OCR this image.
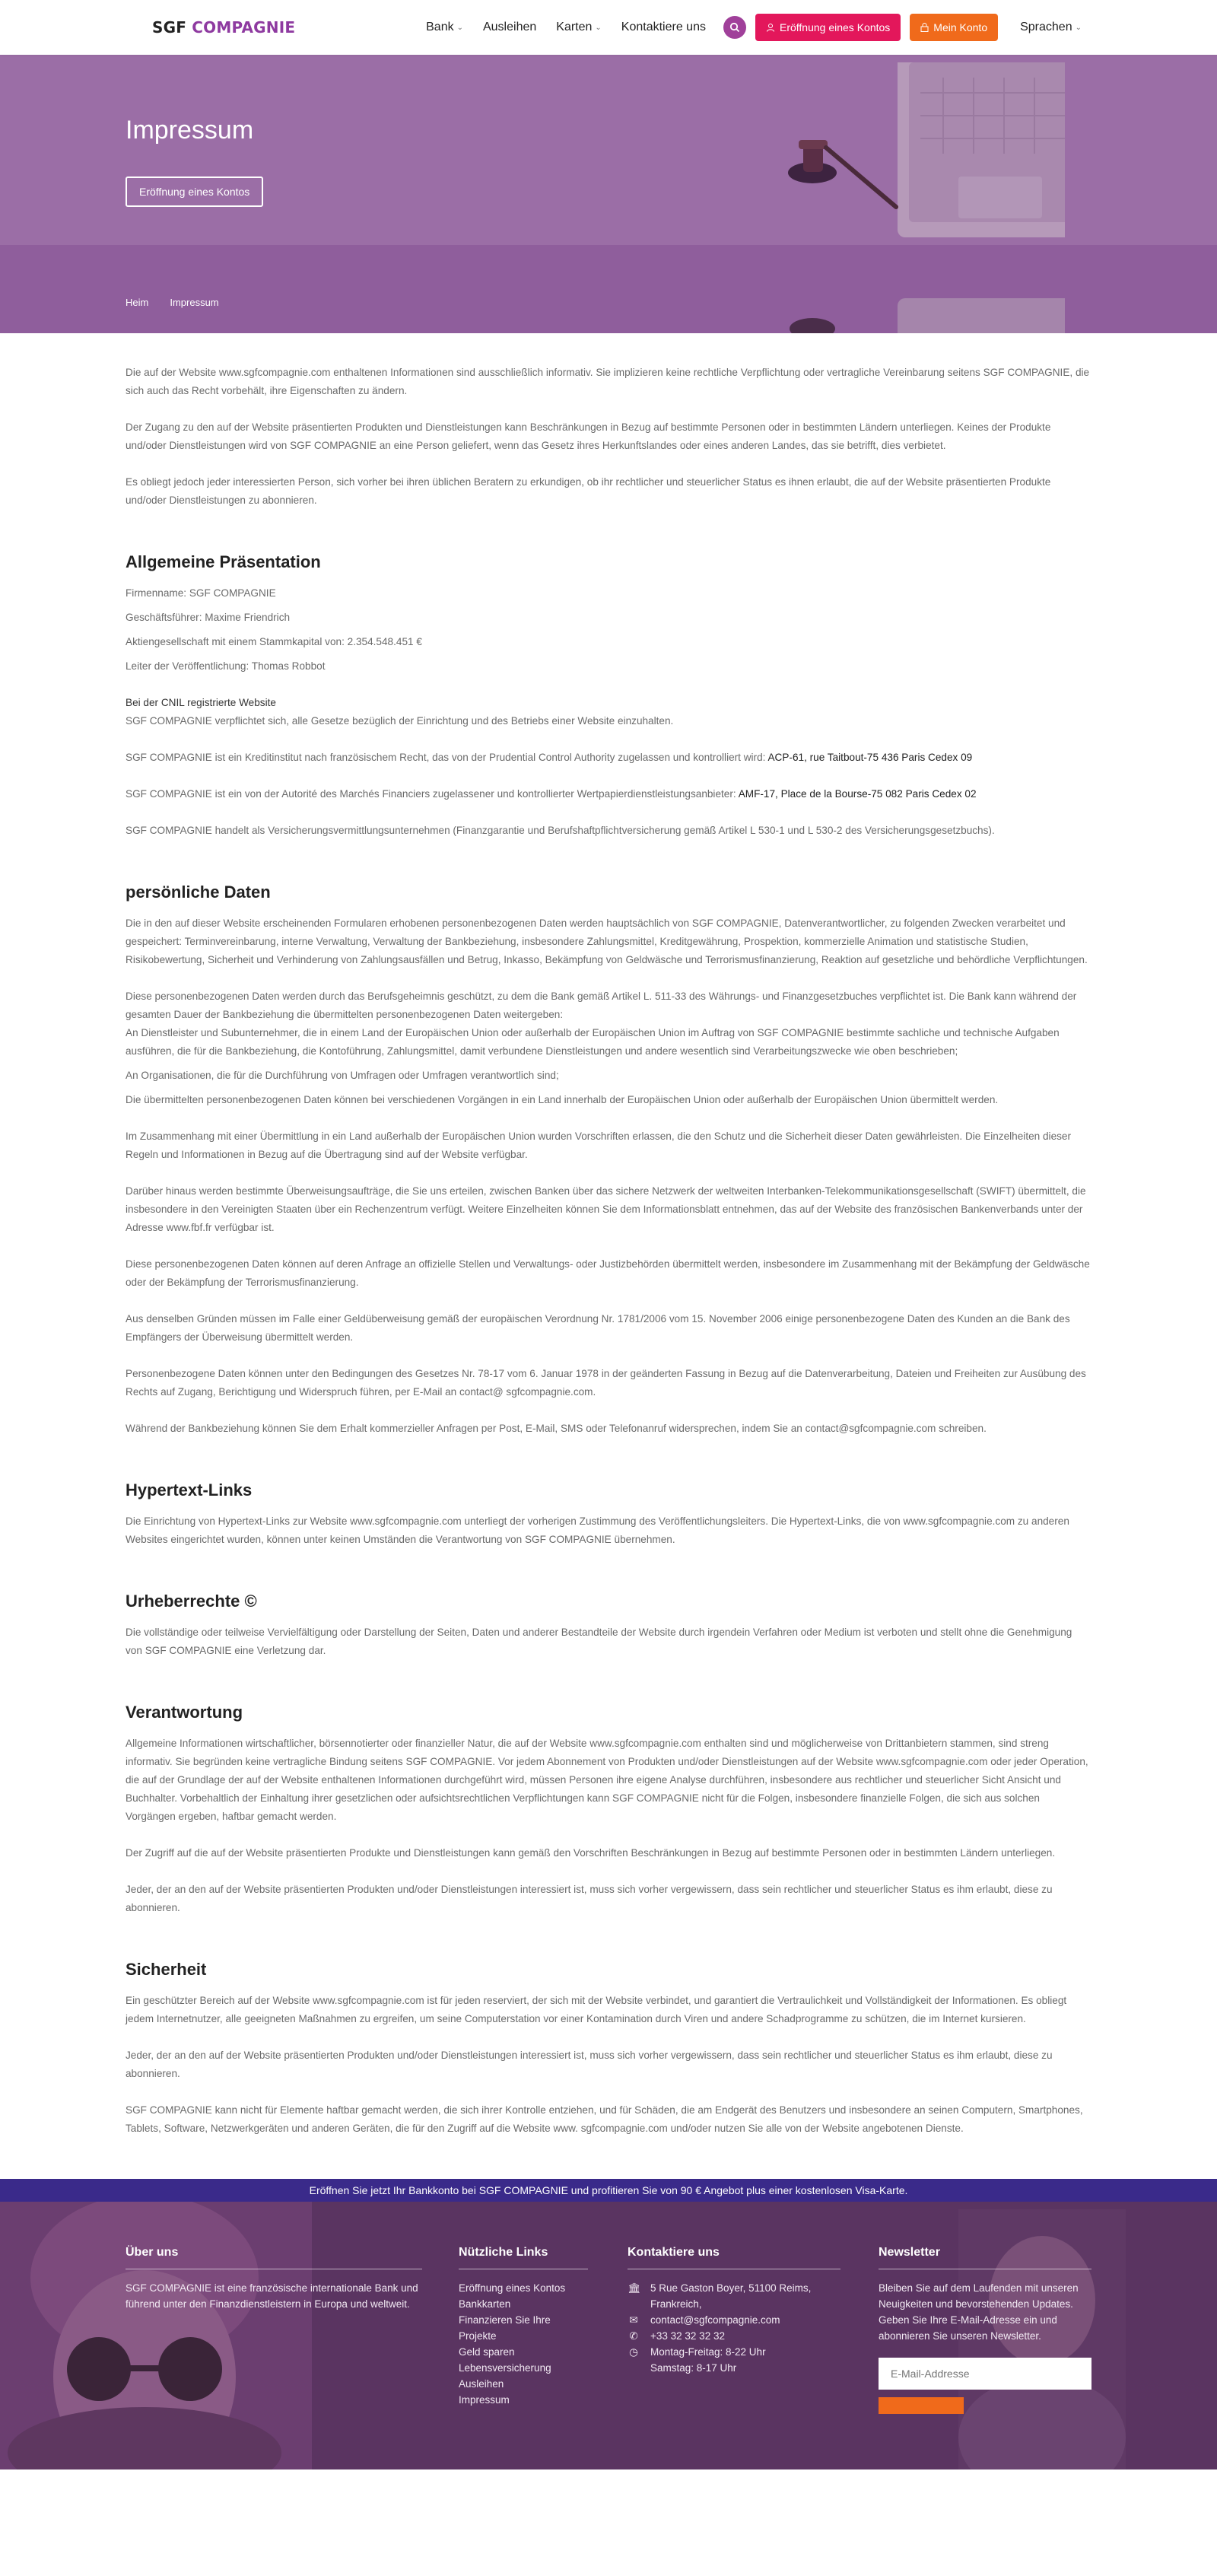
SGF COMPAGNIE	Bank ⌄ Ausleihen Karten ⌄ Kontaktiere uns	Eröffnung eines Kontos	Mein Konto	Sprachen ⌄
Impressum
Eröffnung eines Kontos
Heim Impressum

Die auf der Website www.sgfcompagnie.com enthaltenen Informationen sind ausschließlich informativ. Sie implizieren keine rechtliche Verpflichtung oder vertragliche Vereinbarung seitens SGF COMPAGNIE, die sich auch das Recht vorbehält, ihre Eigenschaften zu ändern.

Der Zugang zu den auf der Website präsentierten Produkten und Dienstleistungen kann Beschränkungen in Bezug auf bestimmte Personen oder in bestimmten Ländern unterliegen. Keines der Produkte und/oder Dienstleistungen wird von SGF COMPAGNIE an eine Person geliefert, wenn das Gesetz ihres Herkunftslandes oder eines anderen Landes, das sie betrifft, dies verbietet.

Es obliegt jedoch jeder interessierten Person, sich vorher bei ihren üblichen Beratern zu erkundigen, ob ihr rechtlicher und steuerlicher Status es ihnen erlaubt, die auf der Website präsentierten Produkte und/oder Dienstleistungen zu abonnieren.

Allgemeine Präsentation

Firmenname: SGF COMPAGNIE

Geschäftsführer: Maxime Friendrich

Aktiengesellschaft mit einem Stammkapital von: 2.354.548.451 €

Leiter der Veröffentlichung: Thomas Robbot

Bei der CNIL registrierte Website
SGF COMPAGNIE verpflichtet sich, alle Gesetze bezüglich der Einrichtung und des Betriebs einer Website einzuhalten.

SGF COMPAGNIE ist ein Kreditinstitut nach französischem Recht, das von der Prudential Control Authority zugelassen und kontrolliert wird: ACP-61, rue Taitbout-75 436 Paris Cedex 09

SGF COMPAGNIE ist ein von der Autorité des Marchés Financiers zugelassener und kontrollierter Wertpapierdienstleistungsanbieter: AMF-17, Place de la Bourse-75 082 Paris Cedex 02

SGF COMPAGNIE handelt als Versicherungsvermittlungsunternehmen (Finanzgarantie und Berufshaftpflichtversicherung gemäß Artikel L 530-1 und L 530-2 des Versicherungsgesetzbuchs).

persönliche Daten

Die in den auf dieser Website erscheinenden Formularen erhobenen personenbezogenen Daten werden hauptsächlich von SGF COMPAGNIE, Datenverantwortlicher, zu folgenden Zwecken verarbeitet und gespeichert: Terminvereinbarung, interne Verwaltung, Verwaltung der Bankbeziehung, insbesondere Zahlungsmittel, Kreditgewährung, Prospektion, kommerzielle Animation und statistische Studien, Risikobewertung, Sicherheit und Verhinderung von Zahlungsausfällen und Betrug, Inkasso, Bekämpfung von Geldwäsche und Terrorismusfinanzierung, Reaktion auf gesetzliche und behördliche Verpflichtungen.

Diese personenbezogenen Daten werden durch das Berufsgeheimnis geschützt, zu dem die Bank gemäß Artikel L. 511-33 des Währungs- und Finanzgesetzbuches verpflichtet ist. Die Bank kann während der gesamten Dauer der Bankbeziehung die übermittelten personenbezogenen Daten weitergeben:

An Dienstleister und Subunternehmer, die in einem Land der Europäischen Union oder außerhalb der Europäischen Union im Auftrag von SGF COMPAGNIE bestimmte sachliche und technische Aufgaben ausführen, die für die Bankbeziehung, die Kontoführung, Zahlungsmittel, damit verbundene Dienstleistungen und andere wesentlich sind Verarbeitungszwecke wie oben beschrieben;

An Organisationen, die für die Durchführung von Umfragen oder Umfragen verantwortlich sind;

Die übermittelten personenbezogenen Daten können bei verschiedenen Vorgängen in ein Land innerhalb der Europäischen Union oder außerhalb der Europäischen Union übermittelt werden.

Im Zusammenhang mit einer Übermittlung in ein Land außerhalb der Europäischen Union wurden Vorschriften erlassen, die den Schutz und die Sicherheit dieser Daten gewährleisten. Die Einzelheiten dieser Regeln und Informationen in Bezug auf die Übertragung sind auf der Website verfügbar.

Darüber hinaus werden bestimmte Überweisungsaufträge, die Sie uns erteilen, zwischen Banken über das sichere Netzwerk der weltweiten Interbanken-Telekommunikationsgesellschaft (SWIFT) übermittelt, die insbesondere in den Vereinigten Staaten über ein Rechenzentrum verfügt. Weitere Einzelheiten können Sie dem Informationsblatt entnehmen, das auf der Website des französischen Bankenverbands unter der Adresse www.fbf.fr verfügbar ist.

Diese personenbezogenen Daten können auf deren Anfrage an offizielle Stellen und Verwaltungs- oder Justizbehörden übermittelt werden, insbesondere im Zusammenhang mit der Bekämpfung der Geldwäsche oder der Bekämpfung der Terrorismusfinanzierung.

Aus denselben Gründen müssen im Falle einer Geldüberweisung gemäß der europäischen Verordnung Nr. 1781/2006 vom 15. November 2006 einige personenbezogene Daten des Kunden an die Bank des Empfängers der Überweisung übermittelt werden.

Personenbezogene Daten können unter den Bedingungen des Gesetzes Nr. 78-17 vom 6. Januar 1978 in der geänderten Fassung in Bezug auf die Datenverarbeitung, Dateien und Freiheiten zur Ausübung des Rechts auf Zugang, Berichtigung und Widerspruch führen, per E-Mail an contact@ sgfcompagnie.com.

Während der Bankbeziehung können Sie dem Erhalt kommerzieller Anfragen per Post, E-Mail, SMS oder Telefonanruf widersprechen, indem Sie an contact@sgfcompagnie.com schreiben.

Hypertext-Links

Die Einrichtung von Hypertext-Links zur Website www.sgfcompagnie.com unterliegt der vorherigen Zustimmung des Veröffentlichungsleiters. Die Hypertext-Links, die von www.sgfcompagnie.com zu anderen Websites eingerichtet wurden, können unter keinen Umständen die Verantwortung von SGF COMPAGNIE übernehmen.

Urheberrechte ©

Die vollständige oder teilweise Vervielfältigung oder Darstellung der Seiten, Daten und anderer Bestandteile der Website durch irgendein Verfahren oder Medium ist verboten und stellt ohne die Genehmigung von SGF COMPAGNIE eine Verletzung dar.

Verantwortung

Allgemeine Informationen wirtschaftlicher, börsennotierter oder finanzieller Natur, die auf der Website www.sgfcompagnie.com enthalten sind und möglicherweise von Drittanbietern stammen, sind streng informativ. Sie begründen keine vertragliche Bindung seitens SGF COMPAGNIE. Vor jedem Abonnement von Produkten und/oder Dienstleistungen auf der Website www.sgfcompagnie.com oder jeder Operation, die auf der Grundlage der auf der Website enthaltenen Informationen durchgeführt wird, müssen Personen ihre eigene Analyse durchführen, insbesondere aus rechtlicher und steuerlicher Sicht Ansicht und Buchhalter. Vorbehaltlich der Einhaltung ihrer gesetzlichen oder aufsichtsrechtlichen Verpflichtungen kann SGF COMPAGNIE nicht für die Folgen, insbesondere finanzielle Folgen, die sich aus solchen Vorgängen ergeben, haftbar gemacht werden.

Der Zugriff auf die auf der Website präsentierten Produkte und Dienstleistungen kann gemäß den Vorschriften Beschränkungen in Bezug auf bestimmte Personen oder in bestimmten Ländern unterliegen.

Jeder, der an den auf der Website präsentierten Produkten und/oder Dienstleistungen interessiert ist, muss sich vorher vergewissern, dass sein rechtlicher und steuerlicher Status es ihm erlaubt, diese zu abonnieren.

Sicherheit

Ein geschützter Bereich auf der Website www.sgfcompagnie.com ist für jeden reserviert, der sich mit der Website verbindet, und garantiert die Vertraulichkeit und Vollständigkeit der Informationen. Es obliegt jedem Internetnutzer, alle geeigneten Maßnahmen zu ergreifen, um seine Computerstation vor einer Kontamination durch Viren und andere Schadprogramme zu schützen, die im Internet kursieren.

Jeder, der an den auf der Website präsentierten Produkten und/oder Dienstleistungen interessiert ist, muss sich vorher vergewissern, dass sein rechtlicher und steuerlicher Status es ihm erlaubt, diese zu abonnieren.

SGF COMPAGNIE kann nicht für Elemente haftbar gemacht werden, die sich ihrer Kontrolle entziehen, und für Schäden, die am Endgerät des Benutzers und insbesondere an seinen Computern, Smartphones, Tablets, Software, Netzwerkgeräten und anderen Geräten, die für den Zugriff auf die Website www. sgfcompagnie.com und/oder nutzen Sie alle von der Website angebotenen Dienste.

Eröffnen Sie jetzt Ihr Bankkonto bei SGF COMPAGNIE und profitieren Sie von 90 € Angebot plus einer kostenlosen Visa-Karte.
Über uns
SGF COMPAGNIE ist eine französische internationale Bank und führend unter den Finanzdienstleistern in Europa und weltweit.
Nützliche Links
Eröffnung eines Kontos
Bankkarten
Finanzieren Sie Ihre Projekte
Geld sparen
Lebensversicherung
Ausleihen
Impressum
Kontaktiere uns
🏛 5 Rue Gaston Boyer, 51100 Reims, Frankreich,
✉ contact@sgfcompagnie.com
✆ +33 32 32 32 32
◷ Montag-Freitag: 8-22 Uhr
Samstag: 8-17 Uhr
Newsletter
Bleiben Sie auf dem Laufenden mit unseren Neuigkeiten und bevorstehenden Updates. Geben Sie Ihre E-Mail-Adresse ein und abonnieren Sie unseren Newsletter.
E-Mail-Addresse
